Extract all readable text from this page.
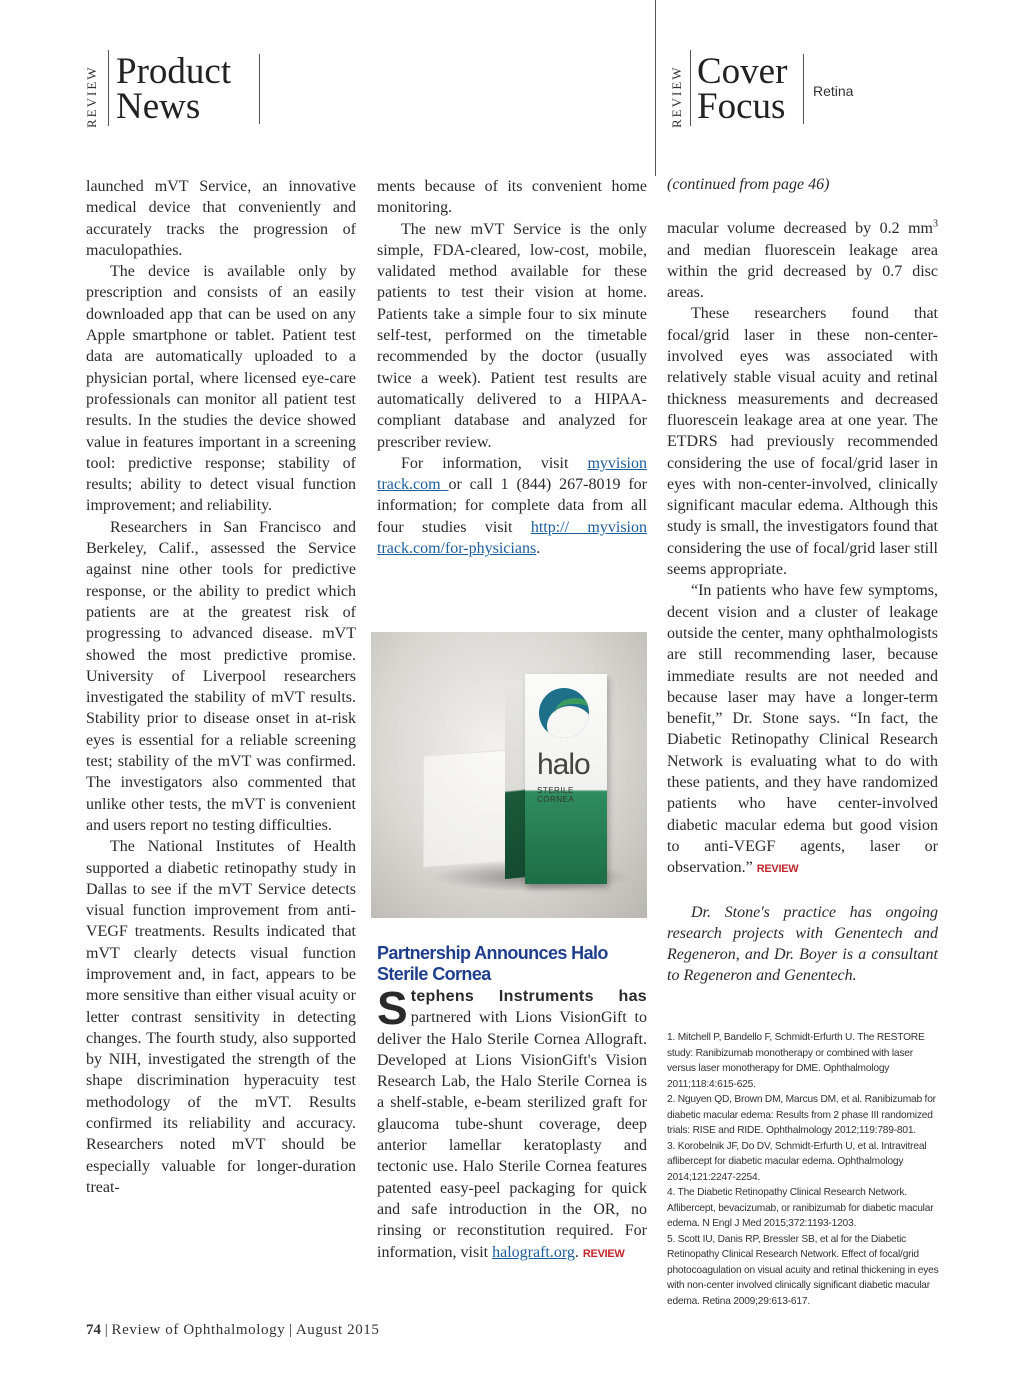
REVIEW Product
News	REVIEW Cover
Focus Retina

launched mVT Service, an innovative medical device that conveniently and accurately tracks the progression of maculopathies.

The device is available only by prescription and consists of an easily downloaded app that can be used on any Apple smartphone or tablet. Patient test data are automatically uploaded to a physician portal, where licensed eye-care professionals can monitor all patient test results. In the studies the device showed value in features important in a screening tool: predictive response; stability of results; ability to detect visual function improvement; and reliability.

Researchers in San Francisco and Berkeley, Calif., assessed the Service against nine other tools for predictive response, or the ability to predict which patients are at the greatest risk of progressing to advanced disease. mVT showed the most predictive promise. University of Liverpool researchers investigated the stability of mVT results. Stability prior to disease onset in at-risk eyes is essential for a reliable screening test; stability of the mVT was confirmed. The investigators also commented that unlike other tests, the mVT is convenient and users report no testing difficulties.

The National Institutes of Health supported a diabetic retinopathy study in Dallas to see if the mVT Service detects visual function improvement from anti-VEGF treatments. Results indicated that mVT clearly detects visual function improvement and, in fact, appears to be more sensitive than either visual acuity or letter contrast sensitivity in detecting changes. The fourth study, also supported by NIH, investigated the strength of the shape discrimination hyperacuity test methodology of the mVT. Results confirmed its reliability and accuracy. Researchers noted mVT should be especially valuable for longer-duration treat-

ments because of its convenient home monitoring.

The new mVT Service is the only simple, FDA-cleared, low-cost, mobile, validated method available for these patients to test their vision at home. Patients take a simple four to six minute self-test, performed on the timetable recommended by the doctor (usually twice a week). Patient test results are automatically delivered to a HIPAA-compliant database and analyzed for prescriber review.

For information, visit myvision track.com or call 1 (844) 267-8019 for information; for complete data from all four studies visit http:// myvision track.com/for-physicians.

halo
STERILE CORNEA
Partnership Announces Halo Sterile Cornea

Stephens Instruments has partnered with Lions VisionGift to deliver the Halo Sterile Cornea Allograft. Developed at Lions VisionGift's Vision Research Lab, the Halo Sterile Cornea is a shelf-stable, e-beam sterilized graft for glaucoma tube-shunt coverage, deep anterior lamellar keratoplasty and tectonic use. Halo Sterile Cornea features patented easy-peel packaging for quick and safe introduction in the OR, no rinsing or reconstitution required. For information, visit halograft.org. REVIEW

(continued from page 46)

macular volume decreased by 0.2 $mm^3$ and median fluorescein leakage area within the grid decreased by 0.7 disc areas.

These researchers found that focal/grid laser in these non-center-involved eyes was associated with relatively stable visual acuity and retinal thickness measurements and decreased fluorescein leakage area at one year. The ETDRS had previously recommended considering the use of focal/grid laser in eyes with non-center-involved, clinically significant macular edema. Although this study is small, the investigators found that considering the use of focal/grid laser still seems appropriate.

“In patients who have few symptoms, decent vision and a cluster of leakage outside the center, many ophthalmologists are still recommending laser, because immediate results are not needed and because laser may have a longer-term benefit,” Dr. Stone says. “In fact, the Diabetic Retinopathy Clinical Research Network is evaluating what to do with these patients, and they have randomized patients who have center-involved diabetic macular edema but good vision to anti-VEGF agents, laser or observation.” REVIEW

Dr. Stone's practice has ongoing research projects with Genentech and Regeneron, and Dr. Boyer is a consultant to Regeneron and Genentech.

1. Mitchell P, Bandello F, Schmidt-Erfurth U. The RESTORE study: Ranibizumab monotherapy or combined with laser versus laser monotherapy for DME. Ophthalmology 2011;118:4:615-625.

2. Nguyen QD, Brown DM, Marcus DM, et al. Ranibizumab for diabetic macular edema: Results from 2 phase III randomized trials: RISE and RIDE. Ophthalmology 2012;119:789-801.

3. Korobelnik JF, Do DV, Schmidt-Erfurth U, et al. Intravitreal aflibercept for diabetic macular edema. Ophthalmology 2014;121:2247-2254.

4. The Diabetic Retinopathy Clinical Research Network. Aflibercept, bevacizumab, or ranibizumab for diabetic macular edema. N Engl J Med 2015;372:1193-1203.

5. Scott IU, Danis RP, Bressler SB, et al for the Diabetic Retinopathy Clinical Research Network. Effect of focal/grid photocoagulation on visual acuity and retinal thickening in eyes with non-center involved clinically significant diabetic macular edema. Retina 2009;29:613-617.

74 | Review of Ophthalmology | August 2015
